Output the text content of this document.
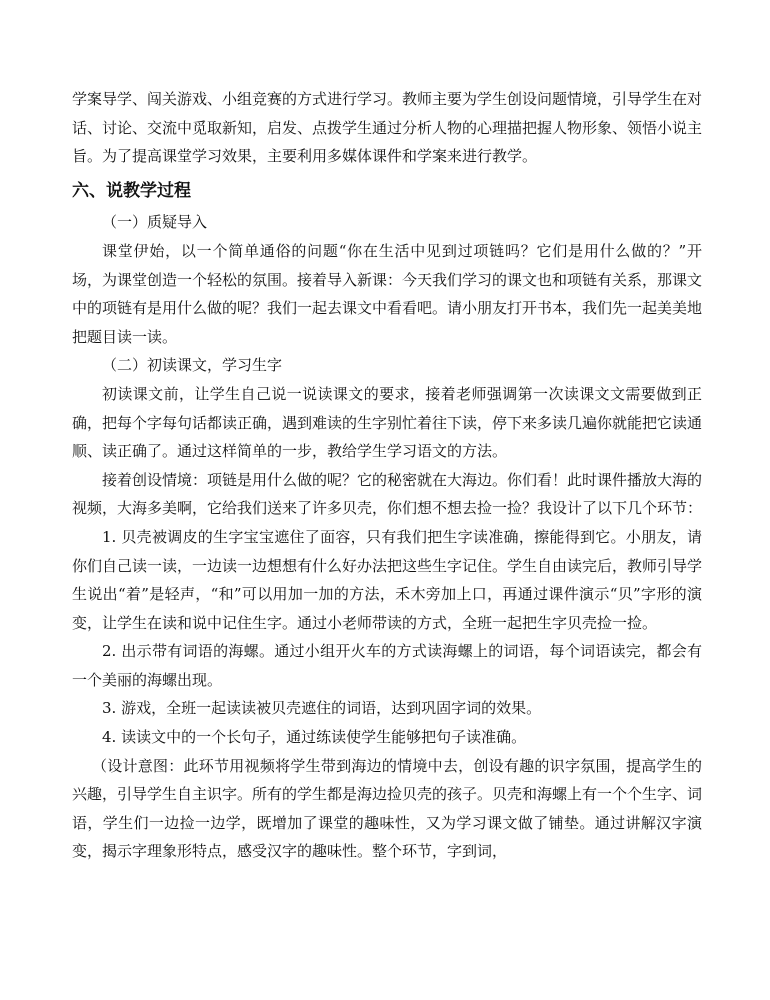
学案导学、闯关游戏、小组竞赛的方式进行学习。教师主要为学生创设问题情境，引导学生在对话、讨论、交流中觅取新知，启发、点拨学生通过分析人物的心理描把握人物形象、领悟小说主旨。为了提高课堂学习效果，主要利用多媒体课件和学案来进行教学。

六、说教学过程

（一）质疑导入

课堂伊始，以一个简单通俗的问题“你在生活中见到过项链吗？它们是用什么做的？”开场，为课堂创造一个轻松的氛围。接着导入新课：今天我们学习的课文也和项链有关系，那课文中的项链有是用什么做的呢？我们一起去课文中看看吧。请小朋友打开书本，我们先一起美美地把题目读一读。

（二）初读课文，学习生字

初读课文前，让学生自己说一说读课文的要求，接着老师强调第一次读课文文需要做到正确，把每个字每句话都读正确，遇到难读的生字别忙着往下读，停下来多读几遍你就能把它读通顺、读正确了。通过这样简单的一步，教给学生学习语文的方法。

接着创设情境：项链是用什么做的呢？它的秘密就在大海边。你们看！此时课件播放大海的视频，大海多美啊，它给我们送来了许多贝壳，你们想不想去捡一捡？我设计了以下几个环节：

1. 贝壳被调皮的生字宝宝遮住了面容，只有我们把生字读准确，擦能得到它。小朋友，请你们自己读一读，一边读一边想想有什么好办法把这些生字记住。学生自由读完后，教师引导学生说出“着”是轻声，“和”可以用加一加的方法，禾木旁加上口，再通过课件演示“贝”字形的演变，让学生在读和说中记住生字。通过小老师带读的方式，全班一起把生字贝壳捡一捡。

2. 出示带有词语的海螺。通过小组开火车的方式读海螺上的词语，每个词语读完，都会有一个美丽的海螺出现。

3. 游戏，全班一起读读被贝壳遮住的词语，达到巩固字词的效果。

4. 读读文中的一个长句子，通过练读使学生能够把句子读准确。

（设计意图：此环节用视频将学生带到海边的情境中去，创设有趣的识字氛围，提高学生的兴趣，引导学生自主识字。所有的学生都是海边捡贝壳的孩子。贝壳和海螺上有一个个生字、词语，学生们一边捡一边学，既增加了课堂的趣味性，又为学习课文做了铺垫。通过讲解汉字演变，揭示字理象形特点，感受汉字的趣味性。整个环节，字到词，
